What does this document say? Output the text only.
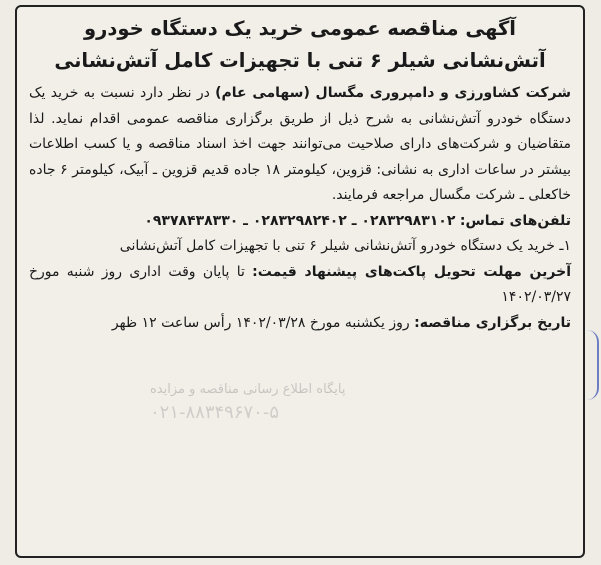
آگهی مناقصه عمومی خرید یک دستگاه خودرو
آتش‌نشانی شیلر ۶ تنی با تجهیزات کامل آتش‌نشانی

شرکت کشاورزی و دامپروری مگسال (سهامی عام) در نظر دارد نسبت به خرید یک دستگاه خودرو آتش‌نشانی به شرح ذیل از طریق برگزاری مناقصه عمومی اقدام نماید. لذا متقاضیان و شرکت‌های دارای صلاحیت می‌توانند جهت اخذ اسناد مناقصه و یا کسب اطلاعات بیشتر در ساعات اداری به نشانی: قزوین، کیلومتر ۱۸ جاده قدیم قزوین ـ آبیک، کیلومتر ۶ جاده خاکعلی ـ شرکت مگسال مراجعه فرمایند.

تلفن‌های تماس: ۰۲۸۳۲۹۸۳۱۰۲ ـ ۰۲۸۳۲۹۸۲۴۰۲ ـ ۰۹۳۷۸۴۳۸۳۳۰

۱ـ خرید یک دستگاه خودرو آتش‌نشانی شیلر ۶ تنی با تجهیزات کامل آتش‌نشانی

آخرین مهلت تحویل پاکت‌های پیشنهاد قیمت: تا پایان وقت اداری روز شنبه مورخ ۱۴۰۲/۰۳/۲۷

تاریخ برگزاری مناقصه: روز یکشنبه مورخ ۱۴۰۲/۰۳/۲۸ رأس ساعت ۱۲ ظهر

پایگاه اطلاع رسانی مناقصه و مزایده
۰۲۱-۸۸۳۴۹۶۷۰-۵
